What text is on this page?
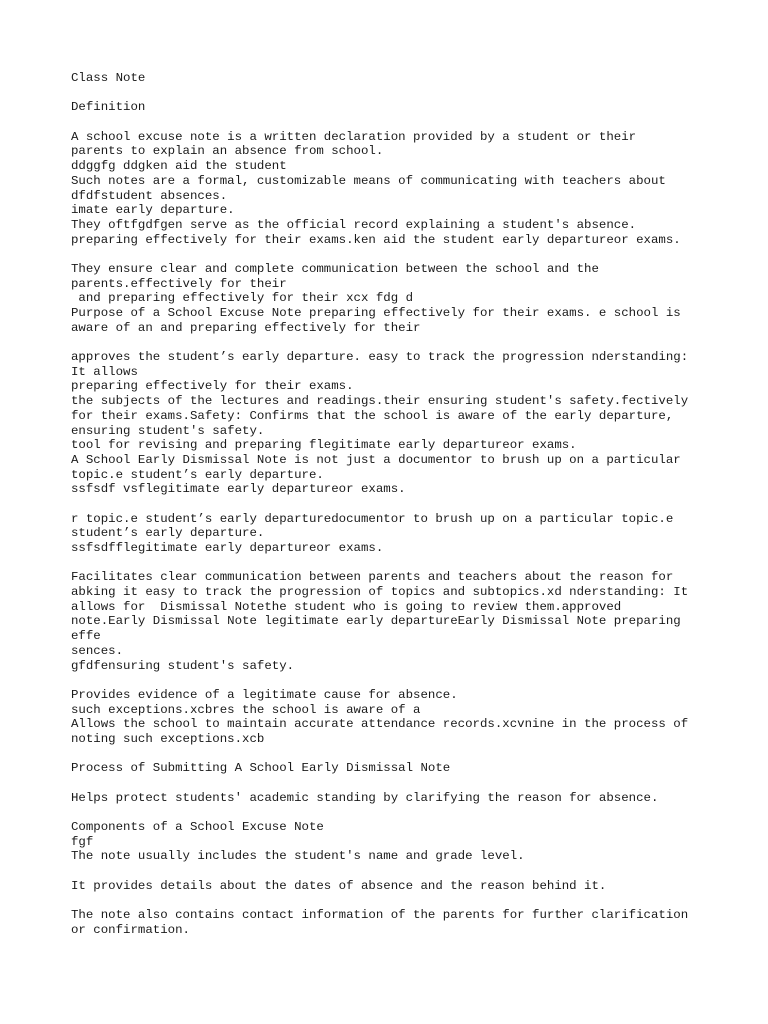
Class Note
Definition
A school excuse note is a written declaration provided by a student or their
parents to explain an absence from school.
ddggfg ddgken aid the student
Such notes are a formal, customizable means of communicating with teachers about
dfdfstudent absences.
imate early departure.
They oftfgdfgen serve as the official record explaining a student's absence.
preparing effectively for their exams.ken aid the student early departureor exams.
They ensure clear and complete communication between the school and the
parents.effectively for their
and preparing effectively for their xcx fdg d
Purpose of a School Excuse Note preparing effectively for their exams. e school is
aware of an and preparing effectively for their
approves the student’s early departure. easy to track the progression nderstanding:
It allows
preparing effectively for their exams.
the subjects of the lectures and readings.their ensuring student's safety.fectively
for their exams.Safety: Confirms that the school is aware of the early departure,
ensuring student's safety.
tool for revising and preparing flegitimate early departureor exams.
A School Early Dismissal Note is not just a documentor to brush up on a particular
topic.e student’s early departure.
ssfsdf vsflegitimate early departureor exams.
r topic.e student’s early departuredocumentor to brush up on a particular topic.e
student’s early departure.
ssfsdfflegitimate early departureor exams.
Facilitates clear communication between parents and teachers about the reason for
abking it easy to track the progression of topics and subtopics.xd nderstanding: It
allows for  Dismissal Notethe student who is going to review them.approved
note.Early Dismissal Note legitimate early departureEarly Dismissal Note preparing
effe
sences.
gfdfensuring student's safety.
Provides evidence of a legitimate cause for absence.
such exceptions.xcbres the school is aware of a
Allows the school to maintain accurate attendance records.xcvnine in the process of
noting such exceptions.xcb
Process of Submitting A School Early Dismissal Note
Helps protect students' academic standing by clarifying the reason for absence.
Components of a School Excuse Note
fgf
The note usually includes the student's name and grade level.
It provides details about the dates of absence and the reason behind it.
The note also contains contact information of the parents for further clarification
or confirmation.
